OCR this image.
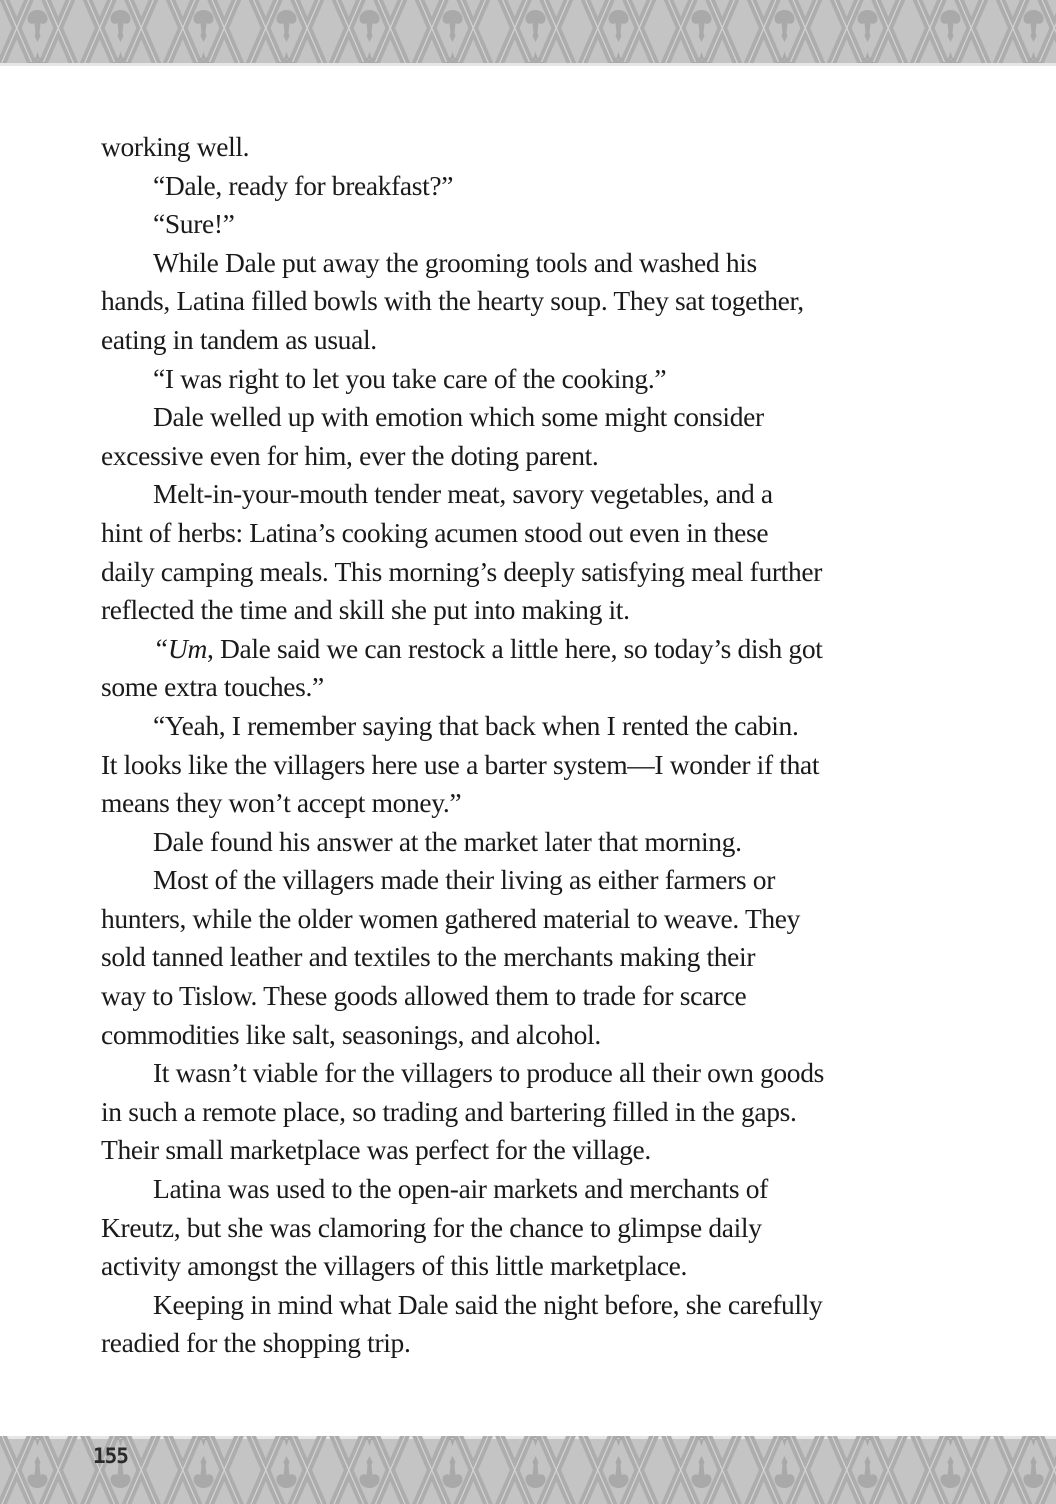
working well.

“Dale, ready for breakfast?”

“Sure!”

While Dale put away the grooming tools and washed his
hands, Latina filled bowls with the hearty soup. They sat together,
eating in tandem as usual.

“I was right to let you take care of the cooking.”

Dale welled up with emotion which some might consider
excessive even for him, ever the doting parent.

Melt-in-your-mouth tender meat, savory vegetables, and a
hint of herbs: Latina’s cooking acumen stood out even in these
daily camping meals. This morning’s deeply satisfying meal further
reflected the time and skill she put into making it.

“Um, Dale said we can restock a little here, so today’s dish got
some extra touches.”

“Yeah, I remember saying that back when I rented the cabin.
It looks like the villagers here use a barter system—I wonder if that
means they won’t accept money.”

Dale found his answer at the market later that morning.

Most of the villagers made their living as either farmers or
hunters, while the older women gathered material to weave. They
sold tanned leather and textiles to the merchants making their
way to Tislow. These goods allowed them to trade for scarce
commodities like salt, seasonings, and alcohol.

It wasn’t viable for the villagers to produce all their own goods
in such a remote place, so trading and bartering filled in the gaps.
Their small marketplace was perfect for the village.

Latina was used to the open-air markets and merchants of
Kreutz, but she was clamoring for the chance to glimpse daily
activity amongst the villagers of this little marketplace.

Keeping in mind what Dale said the night before, she carefully
readied for the shopping trip.

155
